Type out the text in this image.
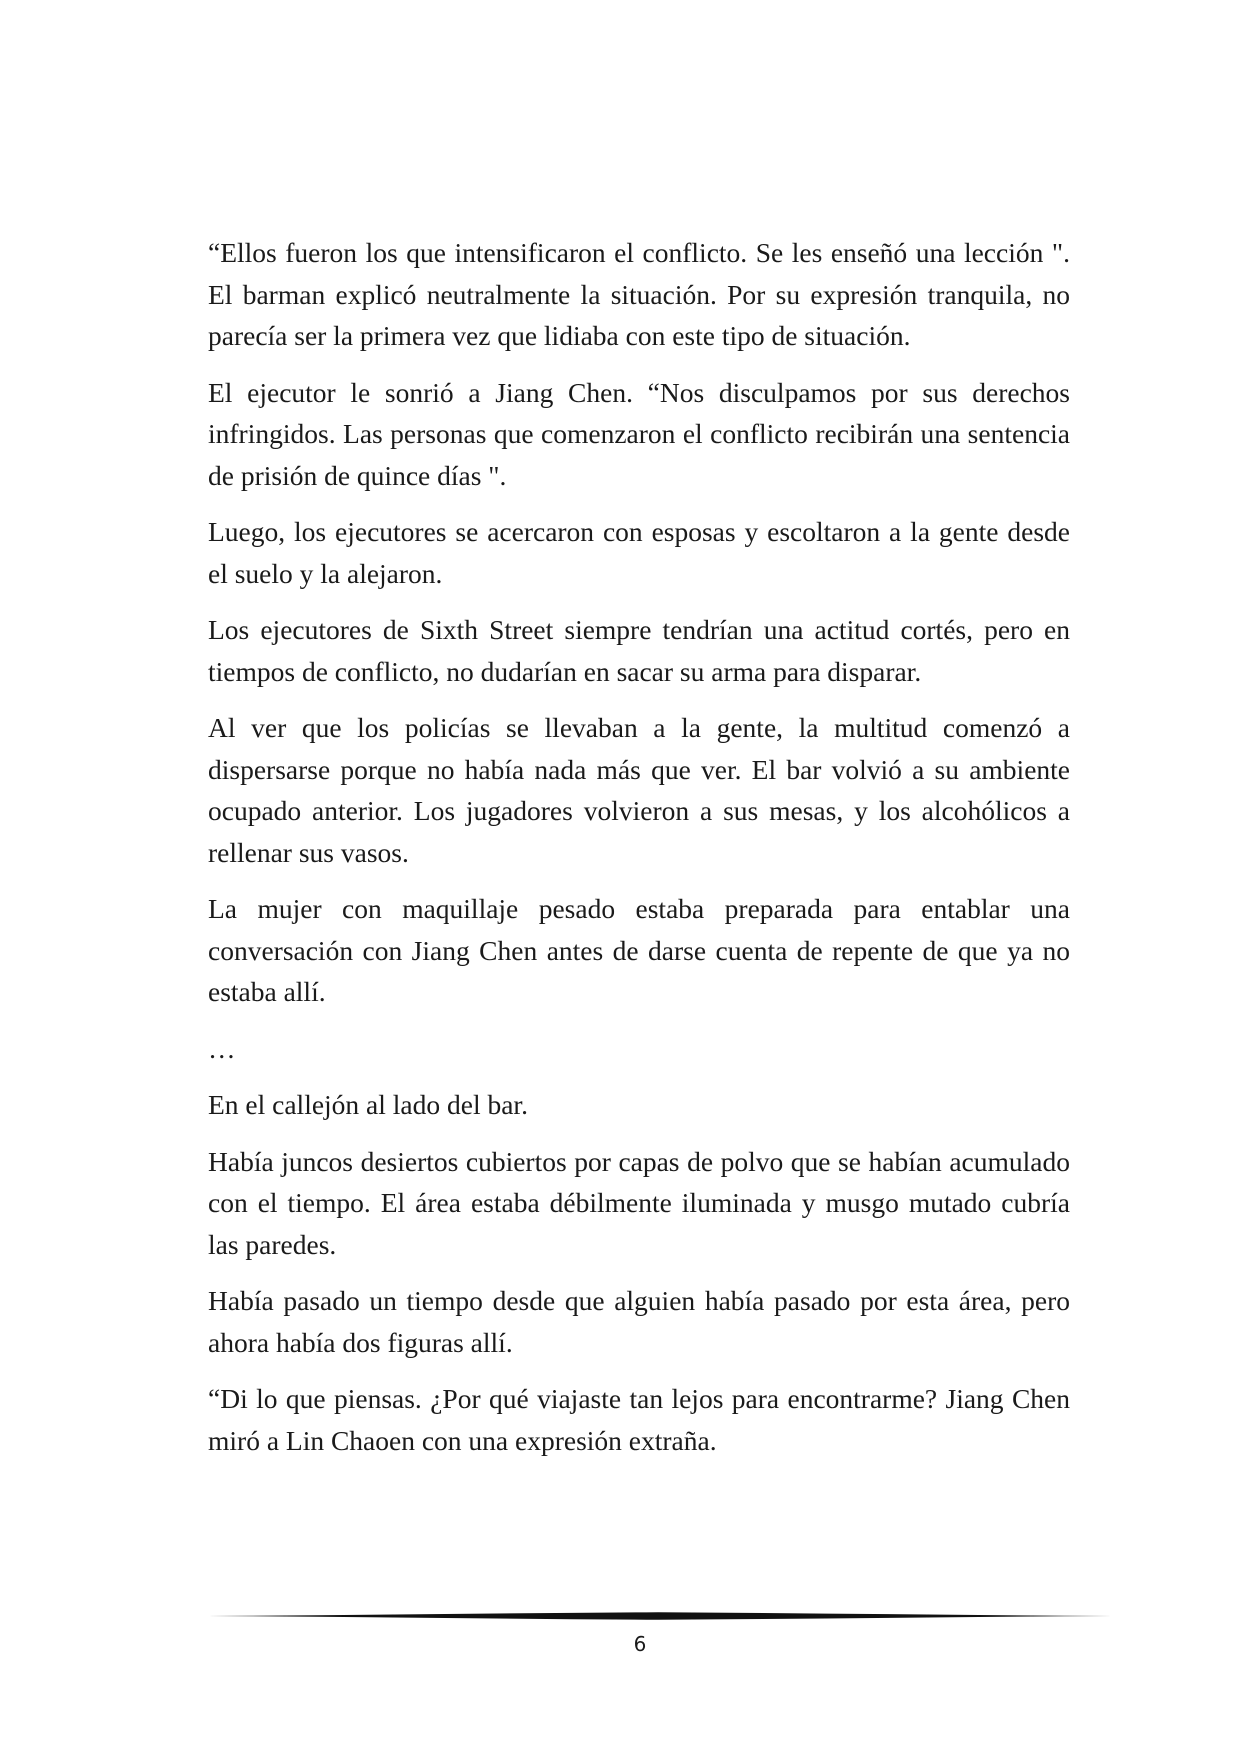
“Ellos fueron los que intensificaron el conflicto. Se les enseñó una lección ". El barman explicó neutralmente la situación. Por su expresión tranquila, no parecía ser la primera vez que lidiaba con este tipo de situación.

El ejecutor le sonrió a Jiang Chen. “Nos disculpamos por sus derechos infringidos. Las personas que comenzaron el conflicto recibirán una sentencia de prisión de quince días ".

Luego, los ejecutores se acercaron con esposas y escoltaron a la gente desde el suelo y la alejaron.

Los ejecutores de Sixth Street siempre tendrían una actitud cortés, pero en tiempos de conflicto, no dudarían en sacar su arma para disparar.

Al ver que los policías se llevaban a la gente, la multitud comenzó a dispersarse porque no había nada más que ver. El bar volvió a su ambiente ocupado anterior. Los jugadores volvieron a sus mesas, y los alcohólicos a rellenar sus vasos.

La mujer con maquillaje pesado estaba preparada para entablar una conversación con Jiang Chen antes de darse cuenta de repente de que ya no estaba allí.

…

En el callejón al lado del bar.

Había juncos desiertos cubiertos por capas de polvo que se habían acumulado con el tiempo. El área estaba débilmente iluminada y musgo mutado cubría las paredes.

Había pasado un tiempo desde que alguien había pasado por esta área, pero ahora había dos figuras allí.

“Di lo que piensas. ¿Por qué viajaste tan lejos para encontrarme? Jiang Chen miró a Lin Chaoen con una expresión extraña.

6
